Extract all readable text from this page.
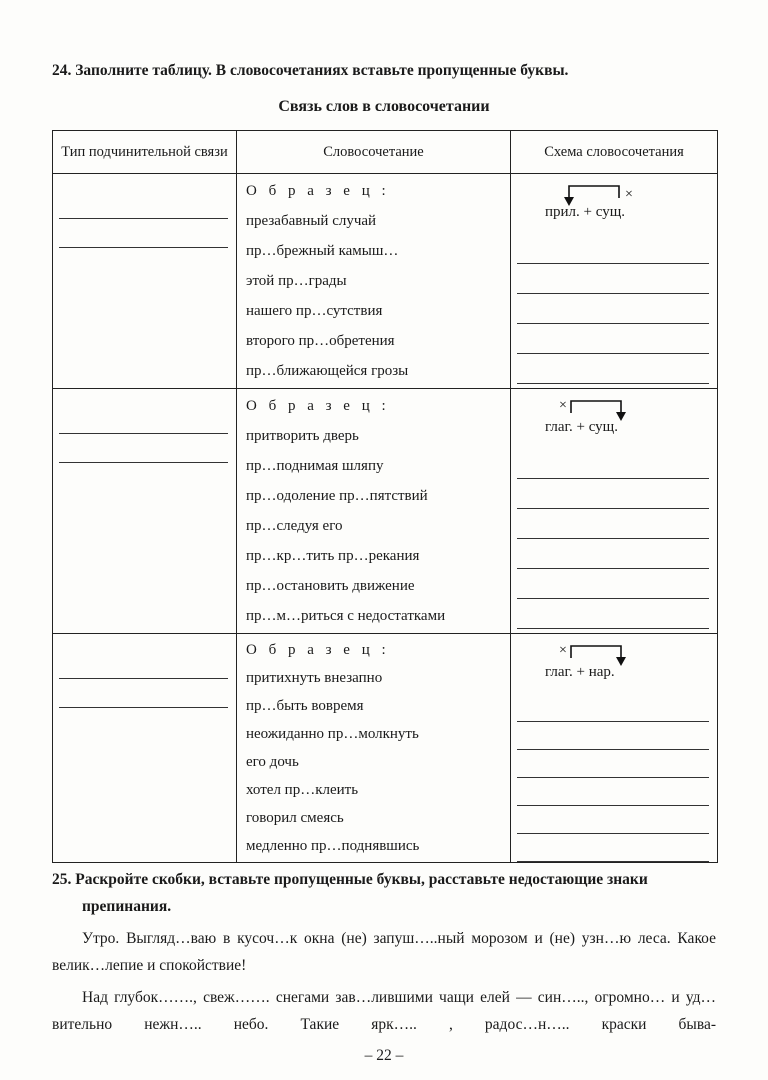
24. Заполните таблицу. В словосочетаниях вставьте пропущенные буквы.
Связь слов в словосочетании
Тип подчинительной связи	Словосочетание	Схема словосочетания
О б р а з е ц :
презабавный случай
пр…брежный камыш…
этой пр…грады
нашего пр…сутствия
второго пр…обретения
пр…ближающейся грозы
×
прил. + сущ.
О б р а з е ц :
притворить дверь
пр…поднимая шляпу
пр…одоление пр…пятствий
пр…следуя его
пр…кр…тить пр…рекания
пр…остановить движение
пр…м…риться с недостатками
×
глаг. + сущ.
О б р а з е ц :
притихнуть внезапно
пр…быть вовремя
неожиданно пр…молкнуть
его дочь
хотел пр…клеить
говорил смеясь
медленно пр…поднявшись
×
глаг. + нар.
25. Раскройте скобки, вставьте пропущенные буквы, расставьте недостающие знаки препинания.
Утро. Выгляд…ваю в кусоч…к окна (не) запуш…..ный морозом и (не) узн…ю леса. Какое велик…лепие и спокойствие!
Над глубок……., свеж……. снегами зав…лившими чащи елей — син….., огромно… и уд…вительно нежн….. небо. Такие ярк….. , радос…н….. краски быва-
– 22 –
